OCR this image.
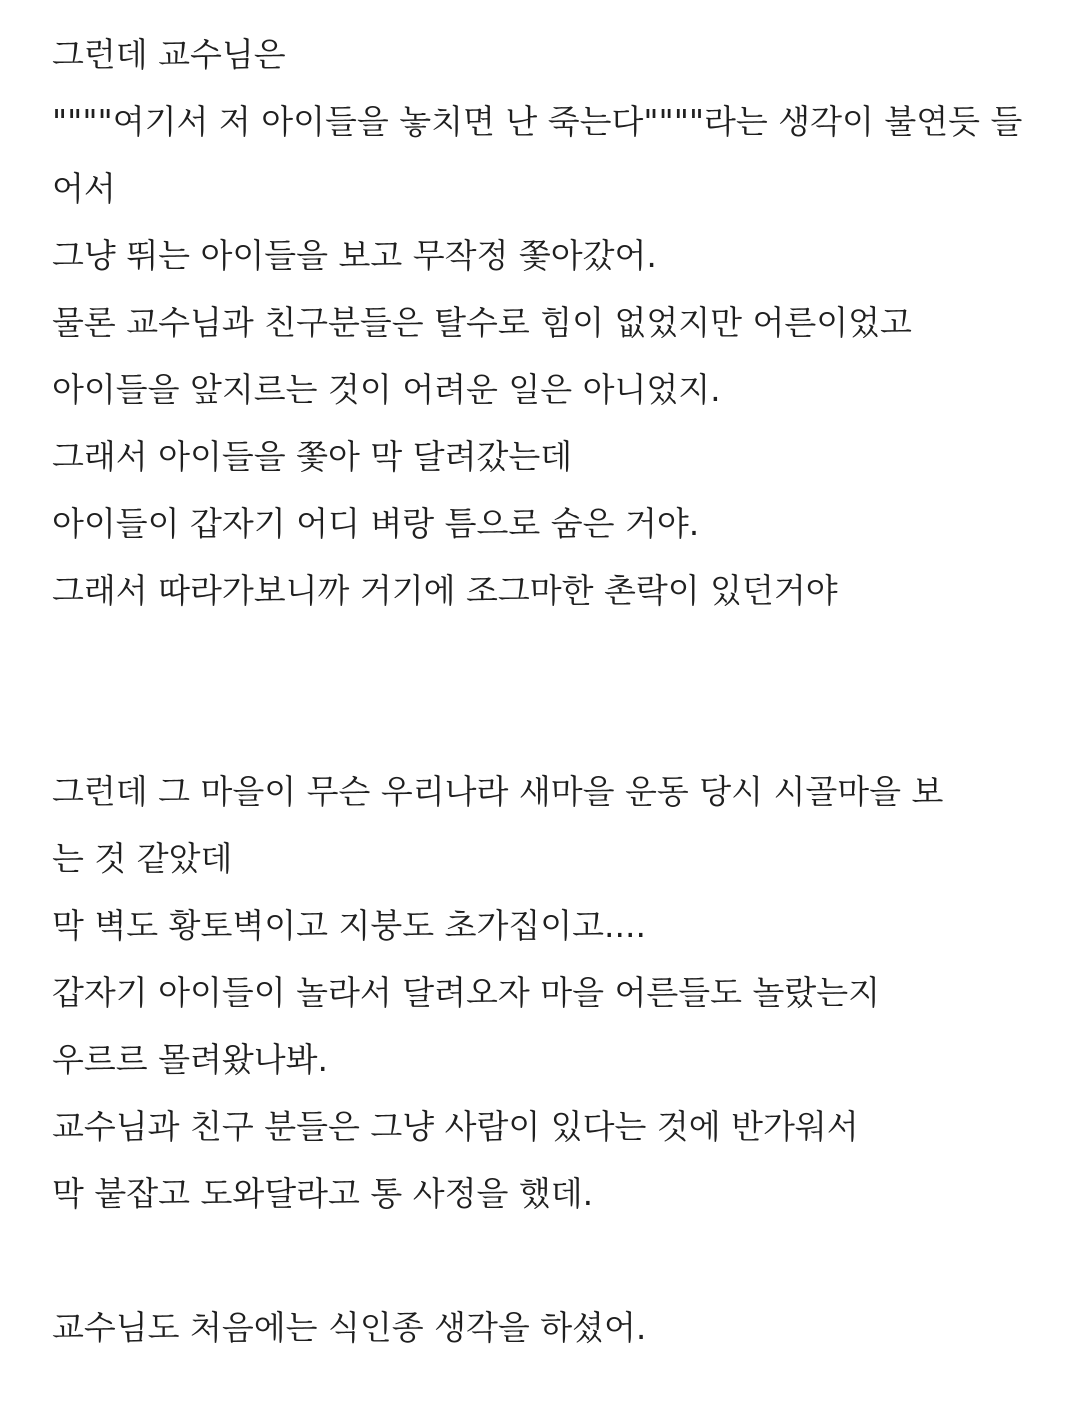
그런데 교수님은
""""여기서 저 아이들을 놓치면 난 죽는다""""라는 생각이 불연듯 들
어서
그냥 뛰는 아이들을 보고 무작정 쫓아갔어.
물론 교수님과 친구분들은 탈수로 힘이 없었지만 어른이었고
아이들을 앞지르는 것이 어려운 일은 아니었지.
그래서 아이들을 쫓아 막 달려갔는데
아이들이 갑자기 어디 벼랑 틈으로 숨은 거야.
그래서 따라가보니까 거기에 조그마한 촌락이 있던거야
그런데 그 마을이 무슨 우리나라 새마을 운동 당시 시골마을 보
는 것 같았데
막 벽도 황토벽이고 지붕도 초가집이고....
갑자기 아이들이 놀라서 달려오자 마을 어른들도 놀랐는지
우르르 몰려왔나봐.
교수님과 친구 분들은 그냥 사람이 있다는 것에 반가워서
막 붙잡고 도와달라고 통 사정을 했데.
교수님도 처음에는 식인종 생각을 하셨어.
